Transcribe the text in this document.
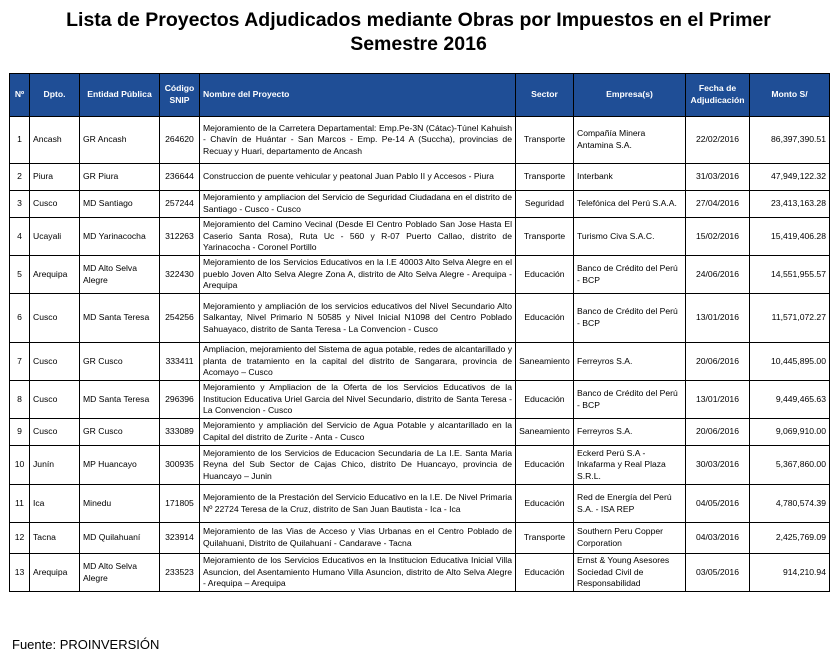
Lista de Proyectos Adjudicados mediante Obras por Impuestos en el Primer
Semestre 2016
Nº	Dpto.	Entidad Pública	Código SNIP	Nombre del Proyecto	Sector	Empresa(s)	Fecha de Adjudicación	Monto S/
1	Ancash	GR Ancash	264620	Mejoramiento de la Carretera Departamental: Emp.Pe-3N (Cátac)-Túnel Kahuish - Chavín de Huántar - San Marcos - Emp. Pe-14 A (Succha), provincias de Recuay y Huari, departamento de Ancash	Transporte	Compañía Minera Antamina S.A.	22/02/2016	86,397,390.51
2	Piura	GR Piura	236644	Construccion de puente vehicular y peatonal Juan Pablo II y Accesos - Piura	Transporte	Interbank	31/03/2016	47,949,122.32
3	Cusco	MD Santiago	257244	Mejoramiento y ampliacion del Servicio de Seguridad Ciudadana en el distrito de Santiago - Cusco - Cusco	Seguridad	Telefónica del Perú S.A.A.	27/04/2016	23,413,163.28
4	Ucayali	MD Yarinacocha	312263	Mejoramiento del Camino Vecinal (Desde El Centro Poblado San Jose Hasta El Caserio Santa Rosa), Ruta Uc - 560 y R-07 Puerto Callao, distrito de Yarinacocha - Coronel Portillo	Transporte	Turismo Civa S.A.C.	15/02/2016	15,419,406.28
5	Arequipa	MD Alto Selva Alegre	322430	Mejoramiento de los Servicios Educativos en la I.E 40003 Alto Selva Alegre en el pueblo Joven Alto Selva Alegre Zona A, distrito de Alto Selva Alegre - Arequipa - Arequipa	Educación	Banco de Crédito del Perú - BCP	24/06/2016	14,551,955.57
6	Cusco	MD Santa Teresa	254256	Mejoramiento y ampliación de los servicios educativos del Nivel Secundario Alto Salkantay, Nivel Primario N 50585 y Nivel Inicial N1098 del Centro Poblado Sahuayaco, distrito de Santa Teresa - La Convencion - Cusco	Educación	Banco de Crédito del Perú - BCP	13/01/2016	11,571,072.27
7	Cusco	GR Cusco	333411	Ampliacion, mejoramiento del Sistema de agua potable, redes de alcantarillado y planta de tratamiento en la capital del distrito de Sangarara, provincia de Acomayo – Cusco	Saneamiento	Ferreyros S.A.	20/06/2016	10,445,895.00
8	Cusco	MD Santa Teresa	296396	Mejoramiento y Ampliacion de la Oferta de los Servicios Educativos de la Institucion Educativa Uriel Garcia del Nivel Secundario, distrito de Santa Teresa - La Convencion - Cusco	Educación	Banco de Crédito del Perú - BCP	13/01/2016	9,449,465.63
9	Cusco	GR Cusco	333089	Mejoramiento y ampliación del Servicio de Agua Potable y alcantarillado en la Capital del distrito de Zurite - Anta - Cusco	Saneamiento	Ferreyros S.A.	20/06/2016	9,069,910.00
10	Junín	MP Huancayo	300935	Mejoramiento de los Servicios de Educacion Secundaria de La I.E. Santa Maria Reyna del Sub Sector de Cajas Chico, distrito De Huancayo, provincia de Huancayo – Junin	Educación	Eckerd Perú S.A - Inkafarma y Real Plaza S.R.L.	30/03/2016	5,367,860.00
11	Ica	Minedu	171805	Mejoramiento de la Prestación del Servicio Educativo en la I.E. De Nivel Primaria Nº 22724 Teresa de la Cruz, distrito de San Juan Bautista - Ica - Ica	Educación	Red de Energía del Perú S.A. - ISA REP	04/05/2016	4,780,574.39
12	Tacna	MD Quilahuaní	323914	Mejoramiento de las Vias de Acceso y Vias Urbanas en el Centro Poblado de Quilahuani, Distrito de Quilahuaní - Candarave - Tacna	Transporte	Southern Peru Copper Corporation	04/03/2016	2,425,769.09
13	Arequipa	MD Alto Selva Alegre	233523	Mejoramiento de los Servicios Educativos en la Institucion Educativa Inicial Villa Asuncion, del Asentamiento Humano Villa Asuncion, distrito de Alto Selva Alegre - Arequipa – Arequipa	Educación	Ernst & Young Asesores Sociedad Civil de Responsabilidad	03/05/2016	914,210.94
Fuente: PROINVERSIÓN
